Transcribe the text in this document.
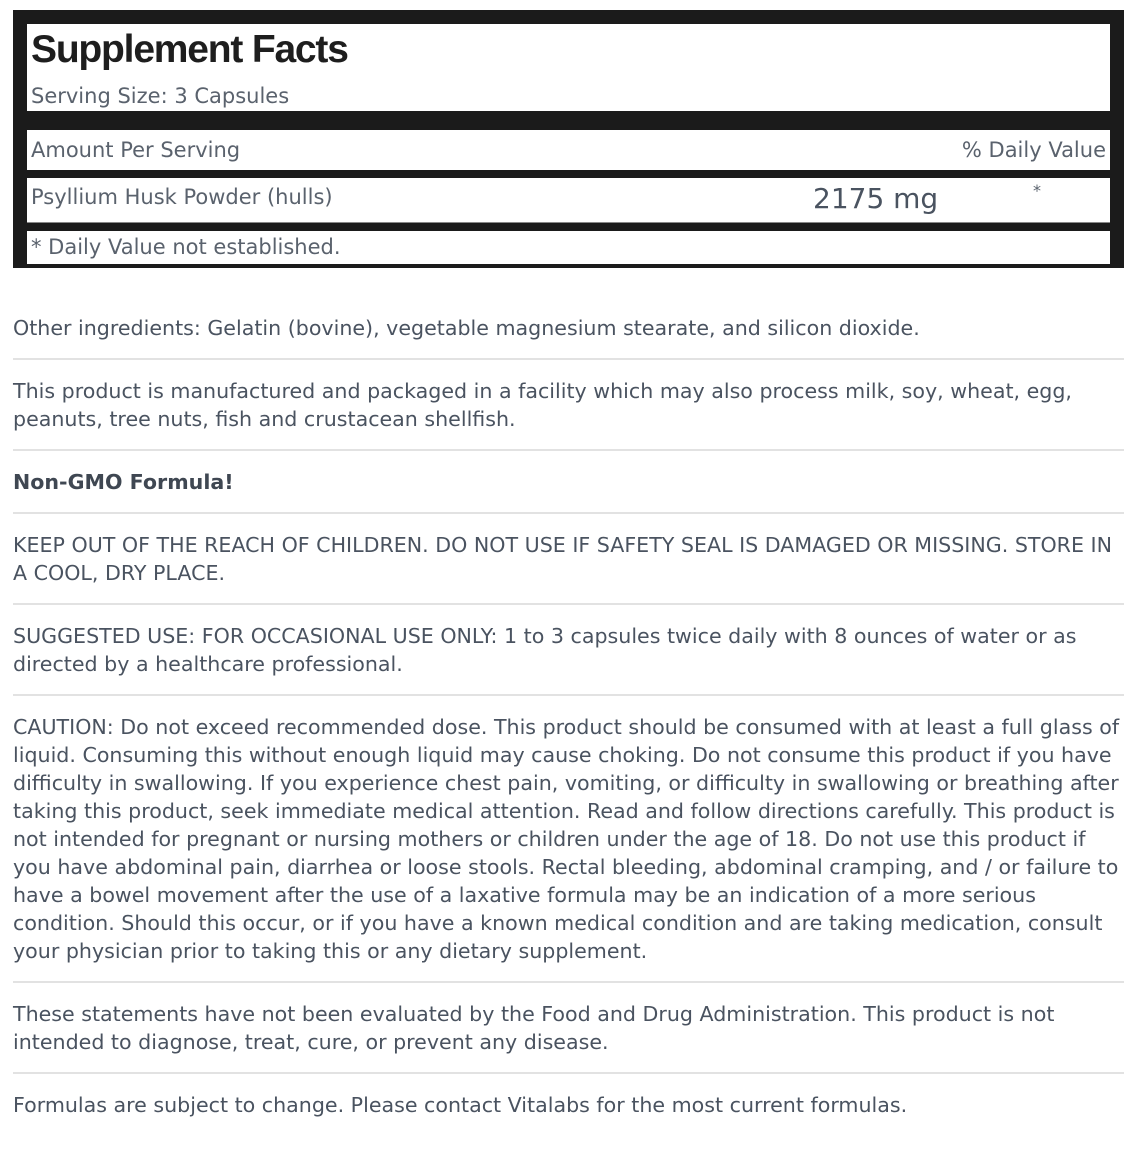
Supplement Facts
Serving Size: 3 Capsules
Amount Per Serving	% Daily Value
Psyllium Husk Powder (hulls)	2175 mg	*
* Daily Value not established.
Other ingredients: Gelatin (bovine), vegetable magnesium stearate, and silicon dioxide.
This product is manufactured and packaged in a facility which may also process milk, soy, wheat, egg, peanuts, tree nuts, fish and crustacean shellfish.
Non-GMO Formula!
KEEP OUT OF THE REACH OF CHILDREN. DO NOT USE IF SAFETY SEAL IS DAMAGED OR MISSING. STORE IN A COOL, DRY PLACE.
SUGGESTED USE: FOR OCCASIONAL USE ONLY: 1 to 3 capsules twice daily with 8 ounces of water or as directed by a healthcare professional.
CAUTION: Do not exceed recommended dose. This product should be consumed with at least a full glass of liquid. Consuming this without enough liquid may cause choking. Do not consume this product if you have difficulty in swallowing. If you experience chest pain, vomiting, or difficulty in swallowing or breathing after taking this product, seek immediate medical attention. Read and follow directions carefully. This product is not intended for pregnant or nursing mothers or children under the age of 18. Do not use this product if you have abdominal pain, diarrhea or loose stools. Rectal bleeding, abdominal cramping, and / or failure to have a bowel movement after the use of a laxative formula may be an indication of a more serious condition. Should this occur, or if you have a known medical condition and are taking medication, consult your physician prior to taking this or any dietary supplement.
These statements have not been evaluated by the Food and Drug Administration. This product is not intended to diagnose, treat, cure, or prevent any disease.
Formulas are subject to change. Please contact Vitalabs for the most current formulas.
